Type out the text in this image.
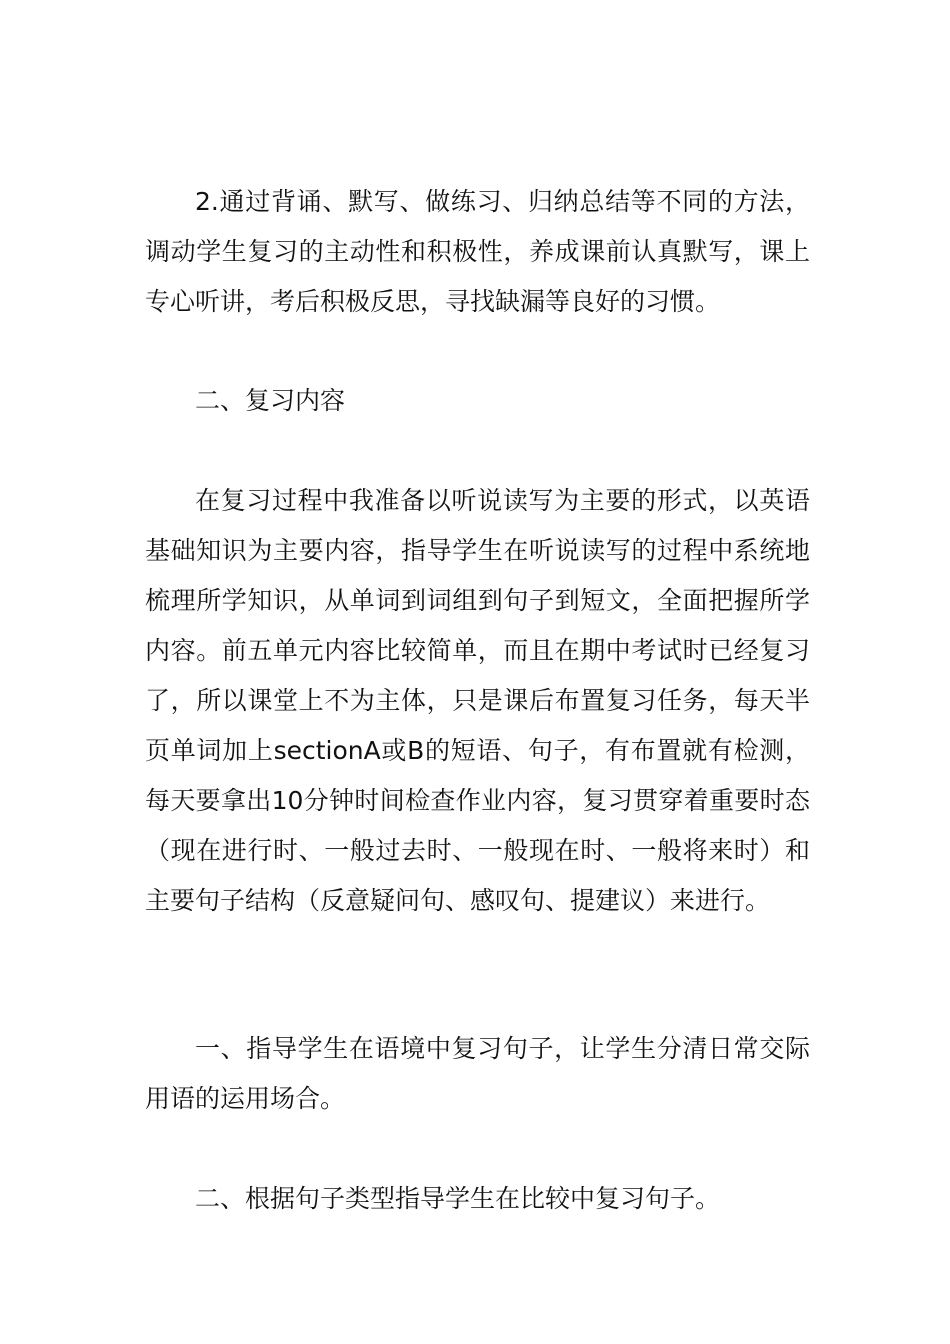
2.通过背诵、默写、做练习、归纳总结等不同的方法，调动学生复习的主动性和积极性，养成课前认真默写，课上专心听讲，考后积极反思，寻找缺漏等良好的习惯。

二、复习内容

在复习过程中我准备以听说读写为主要的形式，以英语基础知识为主要内容，指导学生在听说读写的过程中系统地梳理所学知识，从单词到词组到句子到短文，全面把握所学内容。前五单元内容比较简单，而且在期中考试时已经复习了，所以课堂上不为主体，只是课后布置复习任务，每天半页单词加上sectionA或B的短语、句子，有布置就有检测，每天要拿出10分钟时间检查作业内容，复习贯穿着重要时态（现在进行时、一般过去时、一般现在时、一般将来时）和主要句子结构（反意疑问句、感叹句、提建议）来进行。

一、指导学生在语境中复习句子，让学生分清日常交际用语的运用场合。

二、根据句子类型指导学生在比较中复习句子。
